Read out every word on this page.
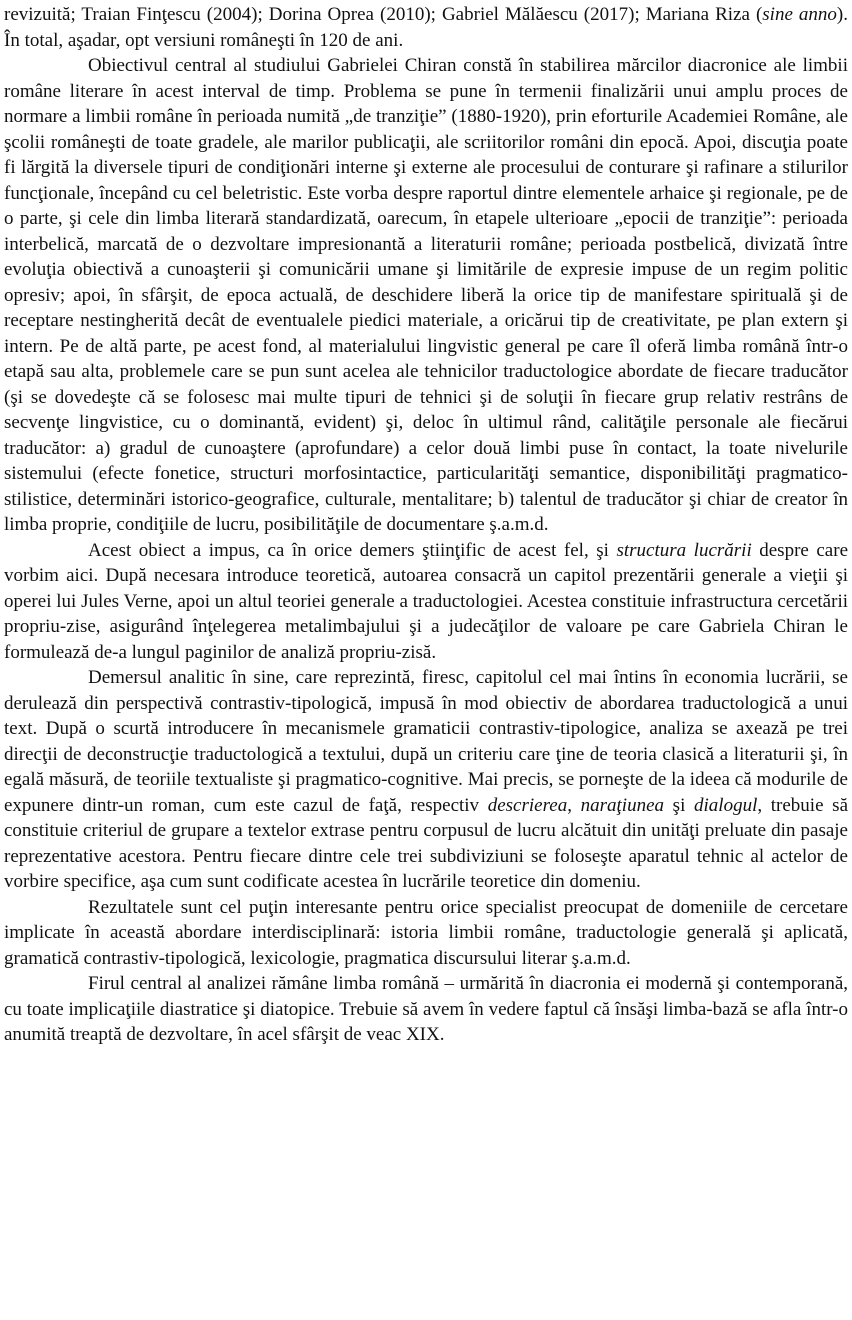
revizuită; Traian Finţescu (2004); Dorina Oprea (2010); Gabriel Mălăescu (2017); Mariana Riza (sine anno). În total, aşadar, opt versiuni româneşti în 120 de ani.

Obiectivul central al studiului Gabrielei Chiran constă în stabilirea mărcilor diacronice ale limbii române literare în acest interval de timp. Problema se pune în termenii finalizării unui amplu proces de normare a limbii române în perioada numită „de tranziţie” (1880-1920), prin eforturile Academiei Române, ale şcolii româneşti de toate gradele, ale marilor publicaţii, ale scriitorilor români din epocă. Apoi, discuţia poate fi lărgită la diversele tipuri de condiţionări interne şi externe ale procesului de conturare şi rafinare a stilurilor funcţionale, începând cu cel beletristic. Este vorba despre raportul dintre elementele arhaice şi regionale, pe de o parte, şi cele din limba literară standardizată, oarecum, în etapele ulterioare „epocii de tranziţie”: perioada interbelică, marcată de o dezvoltare impresionantă a literaturii române; perioada postbelică, divizată între evoluţia obiectivă a cunoaşterii şi comunicării umane şi limitările de expresie impuse de un regim politic opresiv; apoi, în sfârşit, de epoca actuală, de deschidere liberă la orice tip de manifestare spirituală şi de receptare nestingherită decât de eventualele piedici materiale, a oricărui tip de creativitate, pe plan extern şi intern. Pe de altă parte, pe acest fond, al materialului lingvistic general pe care îl oferă limba română într-o etapă sau alta, problemele care se pun sunt acelea ale tehnicilor traductologice abordate de fiecare traducător (şi se dovedeşte că se folosesc mai multe tipuri de tehnici şi de soluţii în fiecare grup relativ restrâns de secvenţe lingvistice, cu o dominantă, evident) şi, deloc în ultimul rând, calităţile personale ale fiecărui traducător: a) gradul de cunoaştere (aprofundare) a celor două limbi puse în contact, la toate nivelurile sistemului (efecte fonetice, structuri morfosintactice, particularităţi semantice, disponibilităţi pragmatico-stilistice, determinări istorico-geografice, culturale, mentalitare; b) talentul de traducător şi chiar de creator în limba proprie, condiţiile de lucru, posibilităţile de documentare ş.a.m.d.

Acest obiect a impus, ca în orice demers ştiinţific de acest fel, şi structura lucrării despre care vorbim aici. După necesara introduce teoretică, autoarea consacră un capitol prezentării generale a vieţii şi operei lui Jules Verne, apoi un altul teoriei generale a traductologiei. Acestea constituie infrastructura cercetării propriu-zise, asigurând înţelegerea metalimbajului şi a judecăţilor de valoare pe care Gabriela Chiran le formulează de-a lungul paginilor de analiză propriu-zisă.

Demersul analitic în sine, care reprezintă, firesc, capitolul cel mai întins în economia lucrării, se derulează din perspectivă contrastiv-tipologică, impusă în mod obiectiv de abordarea traductologică a unui text. După o scurtă introducere în mecanismele gramaticii contrastiv-tipologice, analiza se axează pe trei direcţii de deconstrucţie traductologică a textului, după un criteriu care ţine de teoria clasică a literaturii şi, în egală măsură, de teoriile textualiste şi pragmatico-cognitive. Mai precis, se porneşte de la ideea că modurile de expunere dintr-un roman, cum este cazul de faţă, respectiv descrierea, naraţiunea şi dialogul, trebuie să constituie criteriul de grupare a textelor extrase pentru corpusul de lucru alcătuit din unităţi preluate din pasaje reprezentative acestora. Pentru fiecare dintre cele trei subdiviziuni se foloseşte aparatul tehnic al actelor de vorbire specifice, aşa cum sunt codificate acestea în lucrările teoretice din domeniu.

Rezultatele sunt cel puţin interesante pentru orice specialist preocupat de domeniile de cercetare implicate în această abordare interdisciplinară: istoria limbii române, traductologie generală şi aplicată, gramatică contrastiv-tipologică, lexicologie, pragmatica discursului literar ş.a.m.d.

Firul central al analizei rămâne limba română – urmărită în diacronia ei modernă şi contemporană, cu toate implicaţiile diastratice şi diatopice. Trebuie să avem în vedere faptul că însăşi limba-bază se afla într-o anumită treaptă de dezvoltare, în acel sfârşit de veac XIX.
